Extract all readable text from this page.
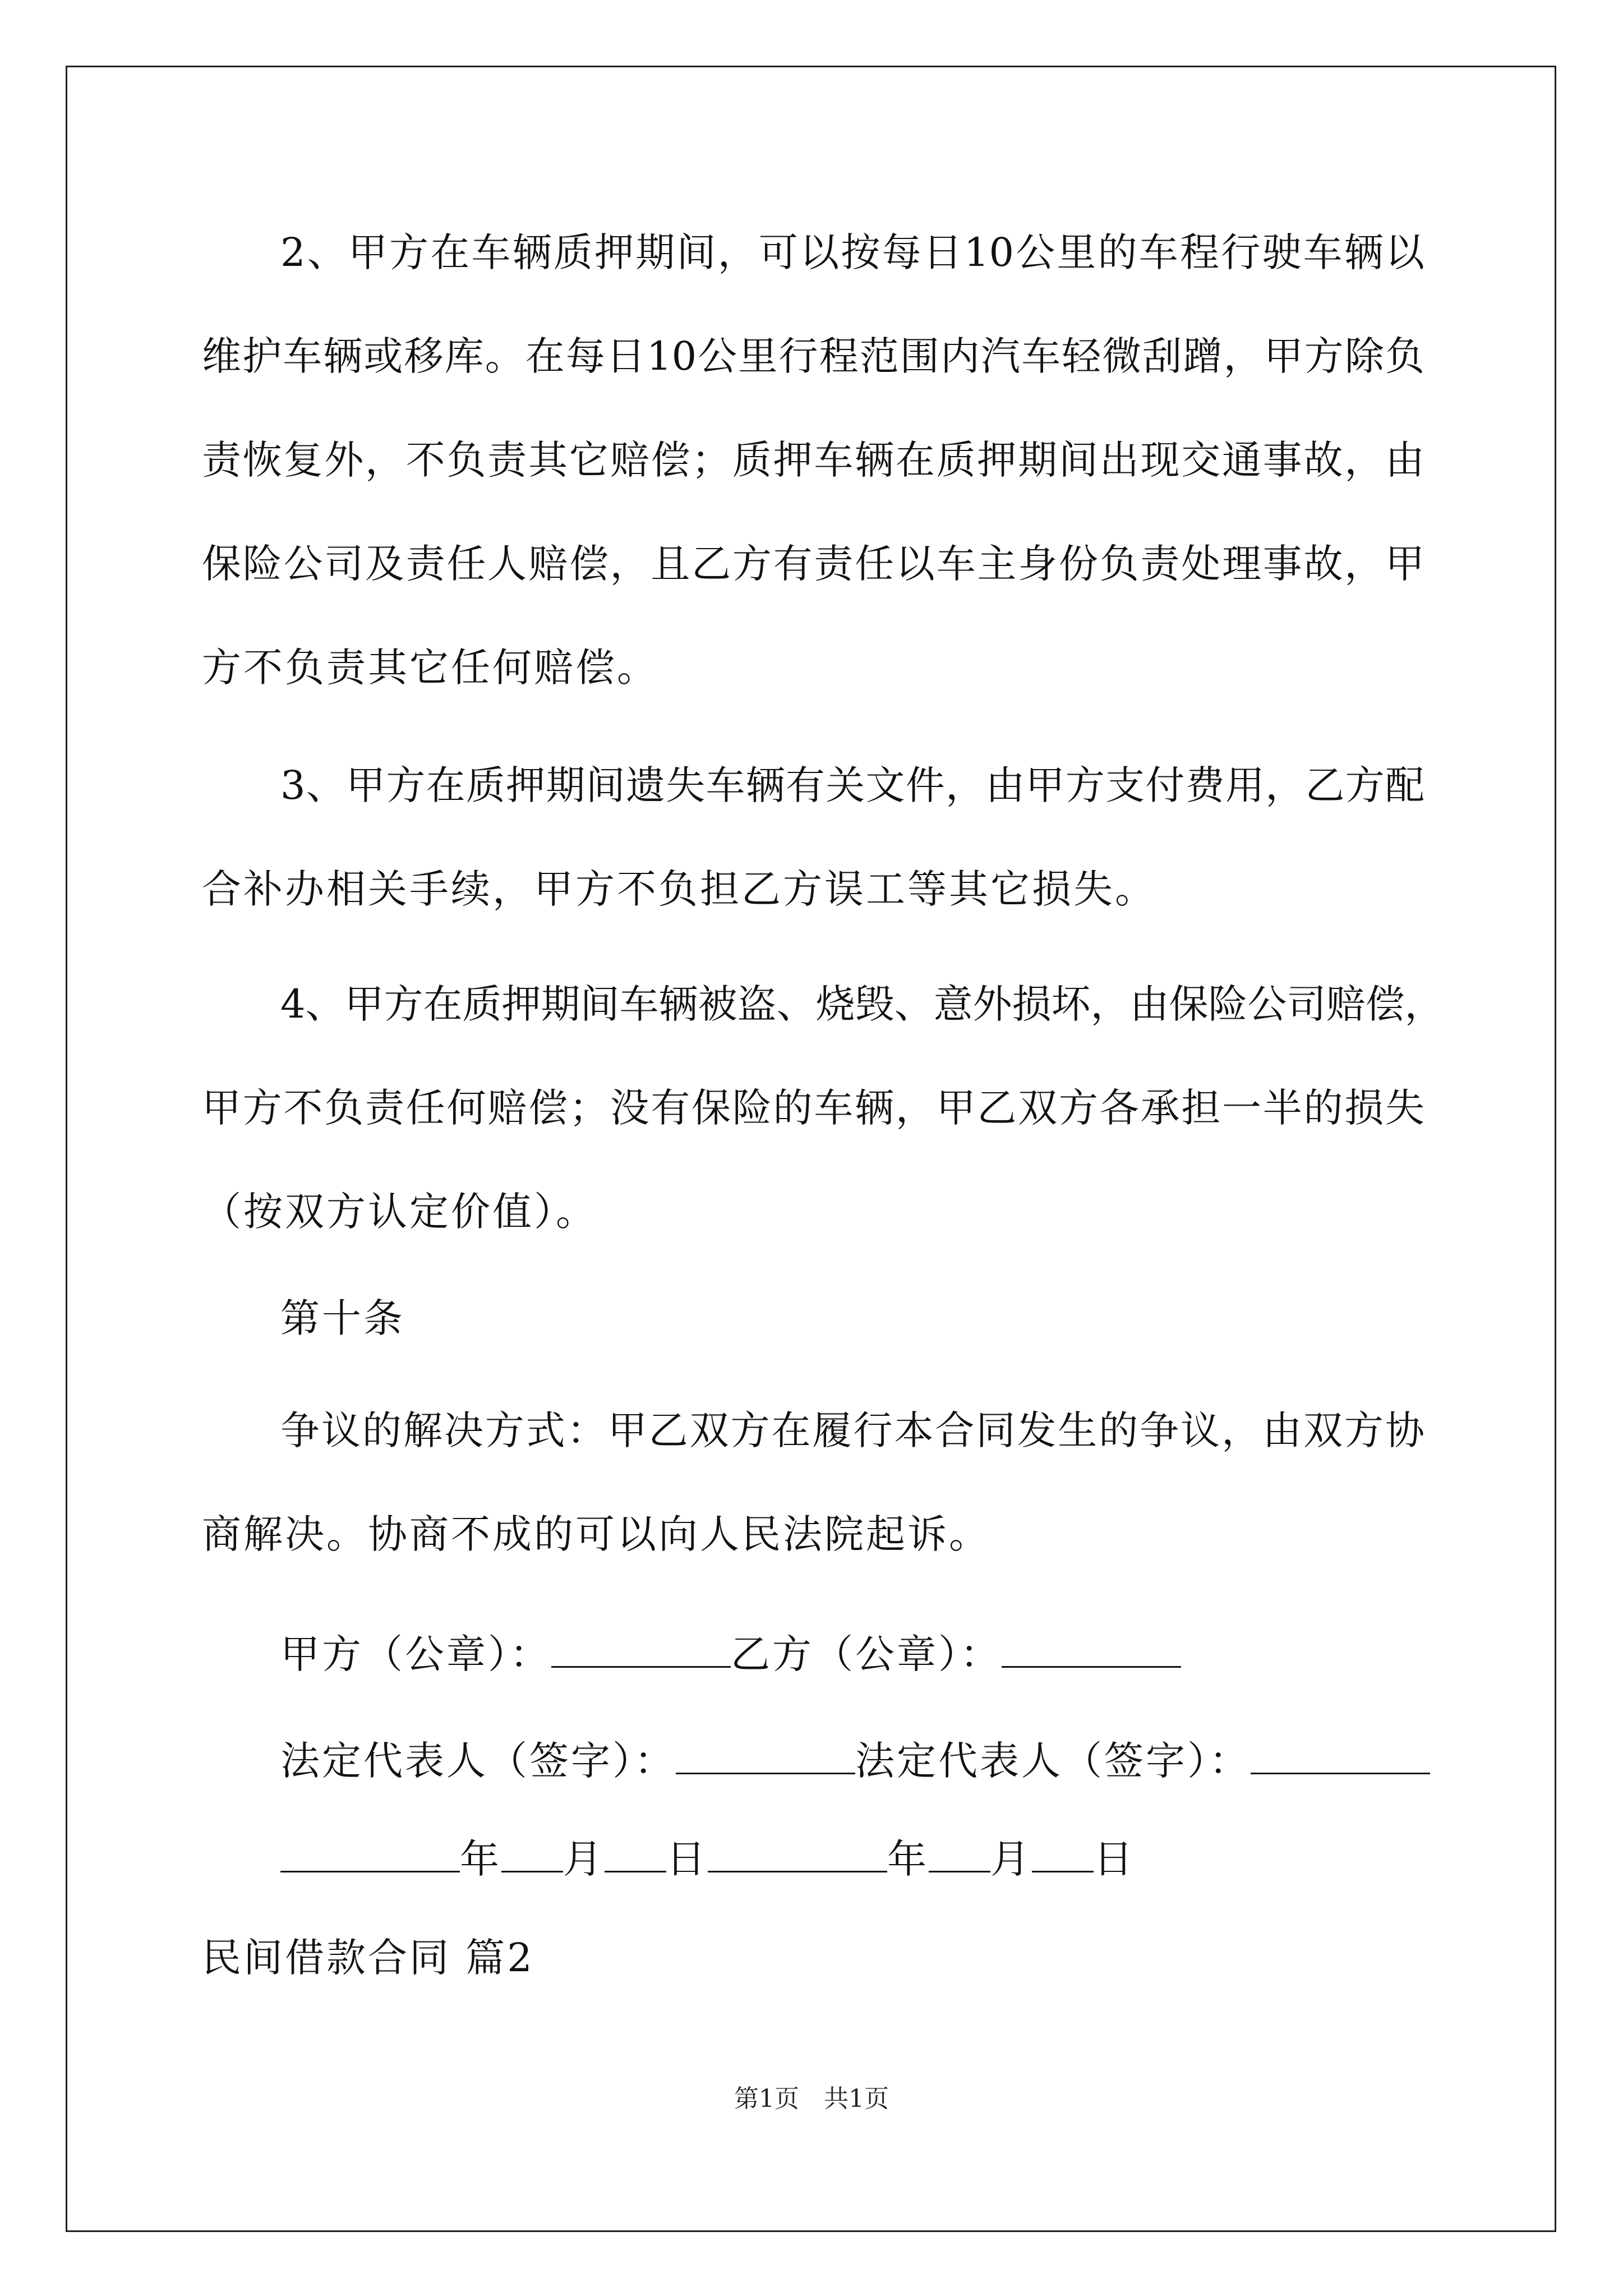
2、甲方在车辆质押期间，可以按每日10公里的车程行驶车辆以
维护车辆或移库。在每日10公里行程范围内汽车轻微刮蹭，甲方除负
责恢复外，不负责其它赔偿；质押车辆在质押期间出现交通事故，由
保险公司及责任人赔偿，且乙方有责任以车主身份负责处理事故，甲
方不负责其它任何赔偿。
3、甲方在质押期间遗失车辆有关文件，由甲方支付费用，乙方配
合补办相关手续，甲方不负担乙方误工等其它损失。
4、甲方在质押期间车辆被盗、烧毁、意外损坏，由保险公司赔偿，
甲方不负责任何赔偿；没有保险的车辆，甲乙双方各承担一半的损失
（按双方认定价值）。
第十条
争议的解决方式：甲乙双方在履行本合同发生的争议，由双方协
商解决。协商不成的可以向人民法院起诉。
甲方（公章）：	乙方（公章）：
法定代表人（签字）：	法定代表人（签字）：
年 月 日	年 月 日
民间借款合同 篇2
第1页　共1页
